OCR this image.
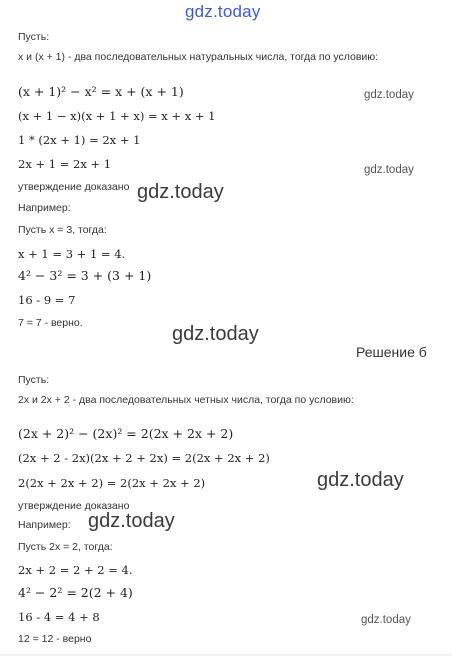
gdz.today
Пусть:
x и (x + 1) - два последовательных натуральных числа, тогда по условию:
(x + 1)² − x² = x + (x + 1)	gdz.today
(x + 1 − x)(x + 1 + x) = x + x + 1
1 * (2x + 1) = 2x + 1
2x + 1 = 2x + 1	gdz.today
утверждение доказано gdz.today
Например:
Пусть x = 3, тогда:
x + 1 = 3 + 1 = 4.
4² − 3² = 3 + (3 + 1)
16 - 9 = 7
7 = 7 - верно.	gdz.today
Решение б
Пусть:
2x и 2x + 2 - два последовательных четных числа, тогда по условию:
(2x + 2)² − (2x)² = 2(2x + 2x + 2)
(2x + 2 - 2x)(2x + 2 + 2x) = 2(2x + 2x + 2)
2(2x + 2x + 2) = 2(2x + 2x + 2)	gdz.today
утверждение доказано
Например: gdz.today
Пусть 2x = 2, тогда:
2x + 2 = 2 + 2 = 4.
4² − 2² = 2(2 + 4)
16 - 4 = 4 + 8	gdz.today
12 = 12 - верно
